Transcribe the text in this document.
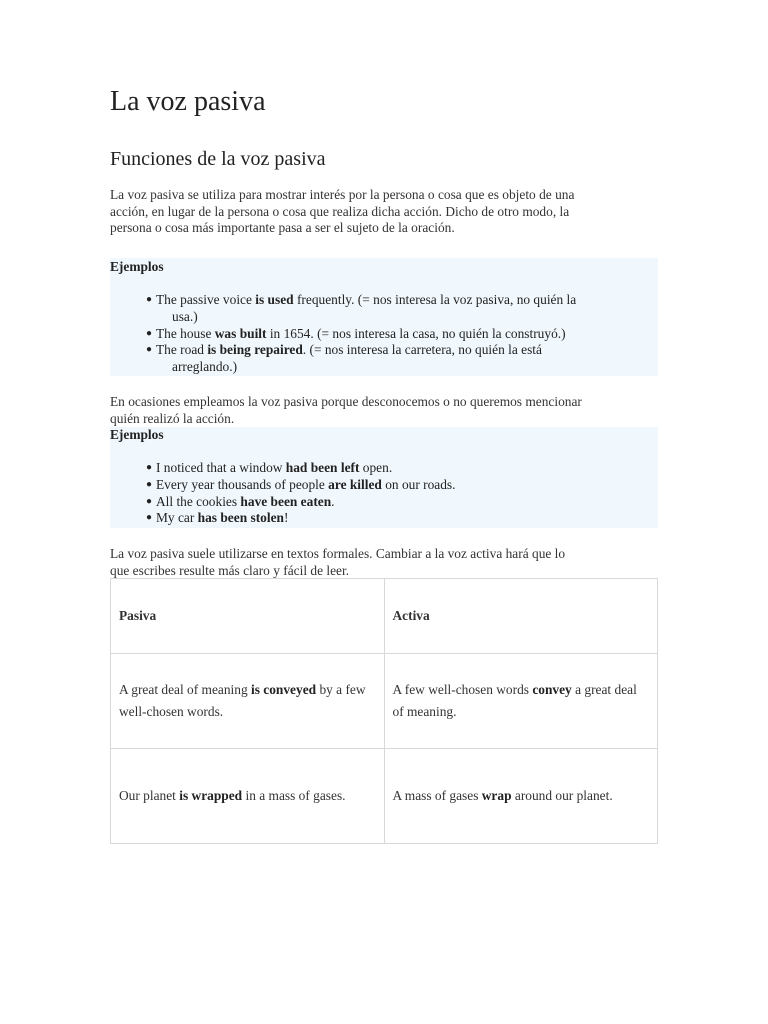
La voz pasiva
Funciones de la voz pasiva
La voz pasiva se utiliza para mostrar interés por la persona o cosa que es objeto de una
acción, en lugar de la persona o cosa que realiza dicha acción. Dicho de otro modo, la
persona o cosa más importante pasa a ser el sujeto de la oración.
Ejemplos
● The passive voice is used frequently. (= nos interesa la voz pasiva, no quién la
usa.)
● The house was built in 1654. (= nos interesa la casa, no quién la construyó.)
● The road is being repaired. (= nos interesa la carretera, no quién la está
arreglando.)
En ocasiones empleamos la voz pasiva porque desconocemos o no queremos mencionar
quién realizó la acción.
Ejemplos
● I noticed that a window had been left open.
● Every year thousands of people are killed on our roads.
● All the cookies have been eaten.
● My car has been stolen!
La voz pasiva suele utilizarse en textos formales. Cambiar a la voz activa hará que lo
que escribes resulte más claro y fácil de leer.
Pasiva	Activa
A great deal of meaning is conveyed by a few well-chosen words.	A few well-chosen words convey a great deal of meaning.
Our planet is wrapped in a mass of gases.	A mass of gases wrap around our planet.
